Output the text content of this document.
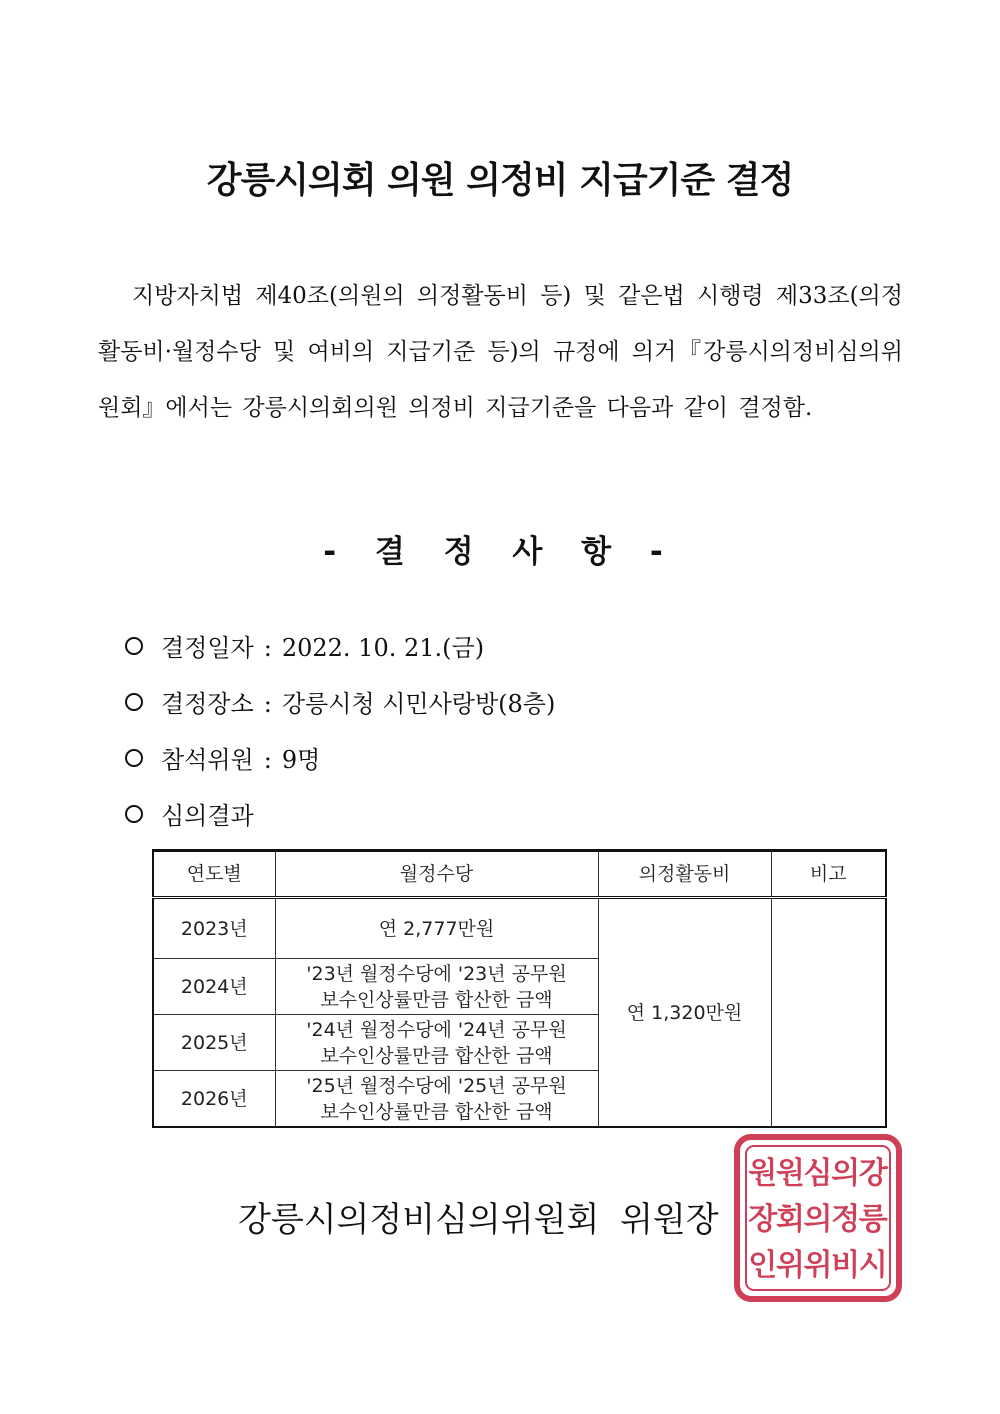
강릉시의회 의원 의정비 지급기준 결정
지방자치법 제40조(의원의 의정활동비 등) 및 같은법 시행령 제33조(의정활동비·월정수당 및 여비의 지급기준 등)의 규정에 의거『강릉시의정비심의위원회』에서는 강릉시의회의원 의정비 지급기준을 다음과 같이 결정함.
- 결 정 사 항 -
결정일자 : 2022. 10. 21.(금)
결정장소 : 강릉시청 시민사랑방(8층)
참석위원 : 9명
심의결과
연도별	월정수당	의정활동비	비고
2023년	연 2,777만원	연 1,320만원	
2024년	'23년 월정수당에 '23년 공무원 보수인상률만큼 합산한 금액		
2025년	'24년 월정수당에 '24년 공무원 보수인상률만큼 합산한 금액		
2026년	'25년 월정수당에 '25년 공무원 보수인상률만큼 합산한 금액		
강릉시의정비심의위원회 위원장
강
릉
시
의
정
비
심
의
위
원
회
위
원
장
인
